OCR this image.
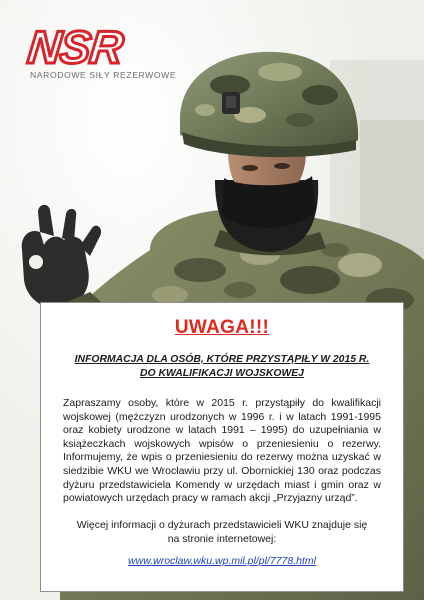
NSR
NARODOWE SIŁY REZERWOWE
UWAGA!!!
INFORMACJA DLA OSÓB, KTÓRE PRZYSTĄPIŁY W 2015 R.
DO KWALIFIKACJI WOJSKOWEJ
Zapraszamy osoby, które w 2015 r. przystąpiły do kwalifikacji wojskowej (mężczyzn urodzonych w 1996 r. i w latach 1991-1995 oraz kobiety urodzone w latach 1991 – 1995) do uzupełniania w książeczkach wojskowych wpisów o przeniesieniu o rezerwy. Informujemy, że wpis o przeniesieniu do rezerwy można uzyskać w siedzibie WKU we Wrocławiu przy ul. Obornickiej 130 oraz podczas dyżuru przedstawiciela Komendy w urzędach miast i gmin oraz w powiatowych urzędach pracy w ramach akcji „Przyjazny urząd”.
Więcej informacji o dyżurach przedstawicieli WKU znajduje się
na stronie internetowej:
www.wroclaw.wku.wp.mil.pl/pl/7778.html
